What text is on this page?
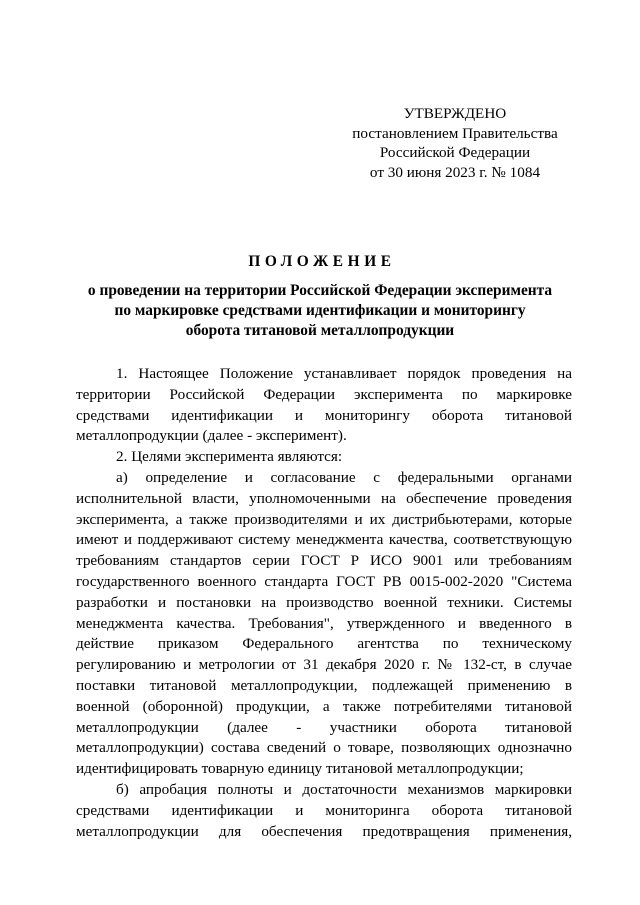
УТВЕРЖДЕНО
постановлением Правительства
Российской Федерации
от 30 июня 2023 г. № 1084
ПОЛОЖЕНИЕ
о проведении на территории Российской Федерации эксперимента
по маркировке средствами идентификации и мониторингу
оборота титановой металлопродукции

1. Настоящее Положение устанавливает порядок проведения на территории Российской Федерации эксперимента по маркировке средствами идентификации и мониторингу оборота титановой металлопродукции (далее - эксперимент).

2. Целями эксперимента являются:

а) определение и согласование с федеральными органами исполнительной власти, уполномоченными на обеспечение проведения эксперимента, а также производителями и их дистрибьютерами, которые имеют и поддерживают систему менеджмента качества, соответствующую требованиям стандартов серии ГОСТ Р ИСО 9001 или требованиям государственного военного стандарта ГОСТ РВ 0015-002-2020 "Система разработки и постановки на производство военной техники. Системы менеджмента качества. Требования", утвержденного и введенного в действие приказом Федерального агентства по техническому регулированию и метрологии от 31 декабря 2020 г. № 132-ст, в случае поставки титановой металлопродукции, подлежащей применению в военной (оборонной) продукции, а также потребителями титановой металлопродукции (далее - участники оборота титановой металлопродукции) состава сведений о товаре, позволяющих однозначно идентифицировать товарную единицу титановой металлопродукции;

б) апробация полноты и достаточности механизмов маркировки средствами идентификации и мониторинга оборота титановой металлопродукции для обеспечения предотвращения применения,
